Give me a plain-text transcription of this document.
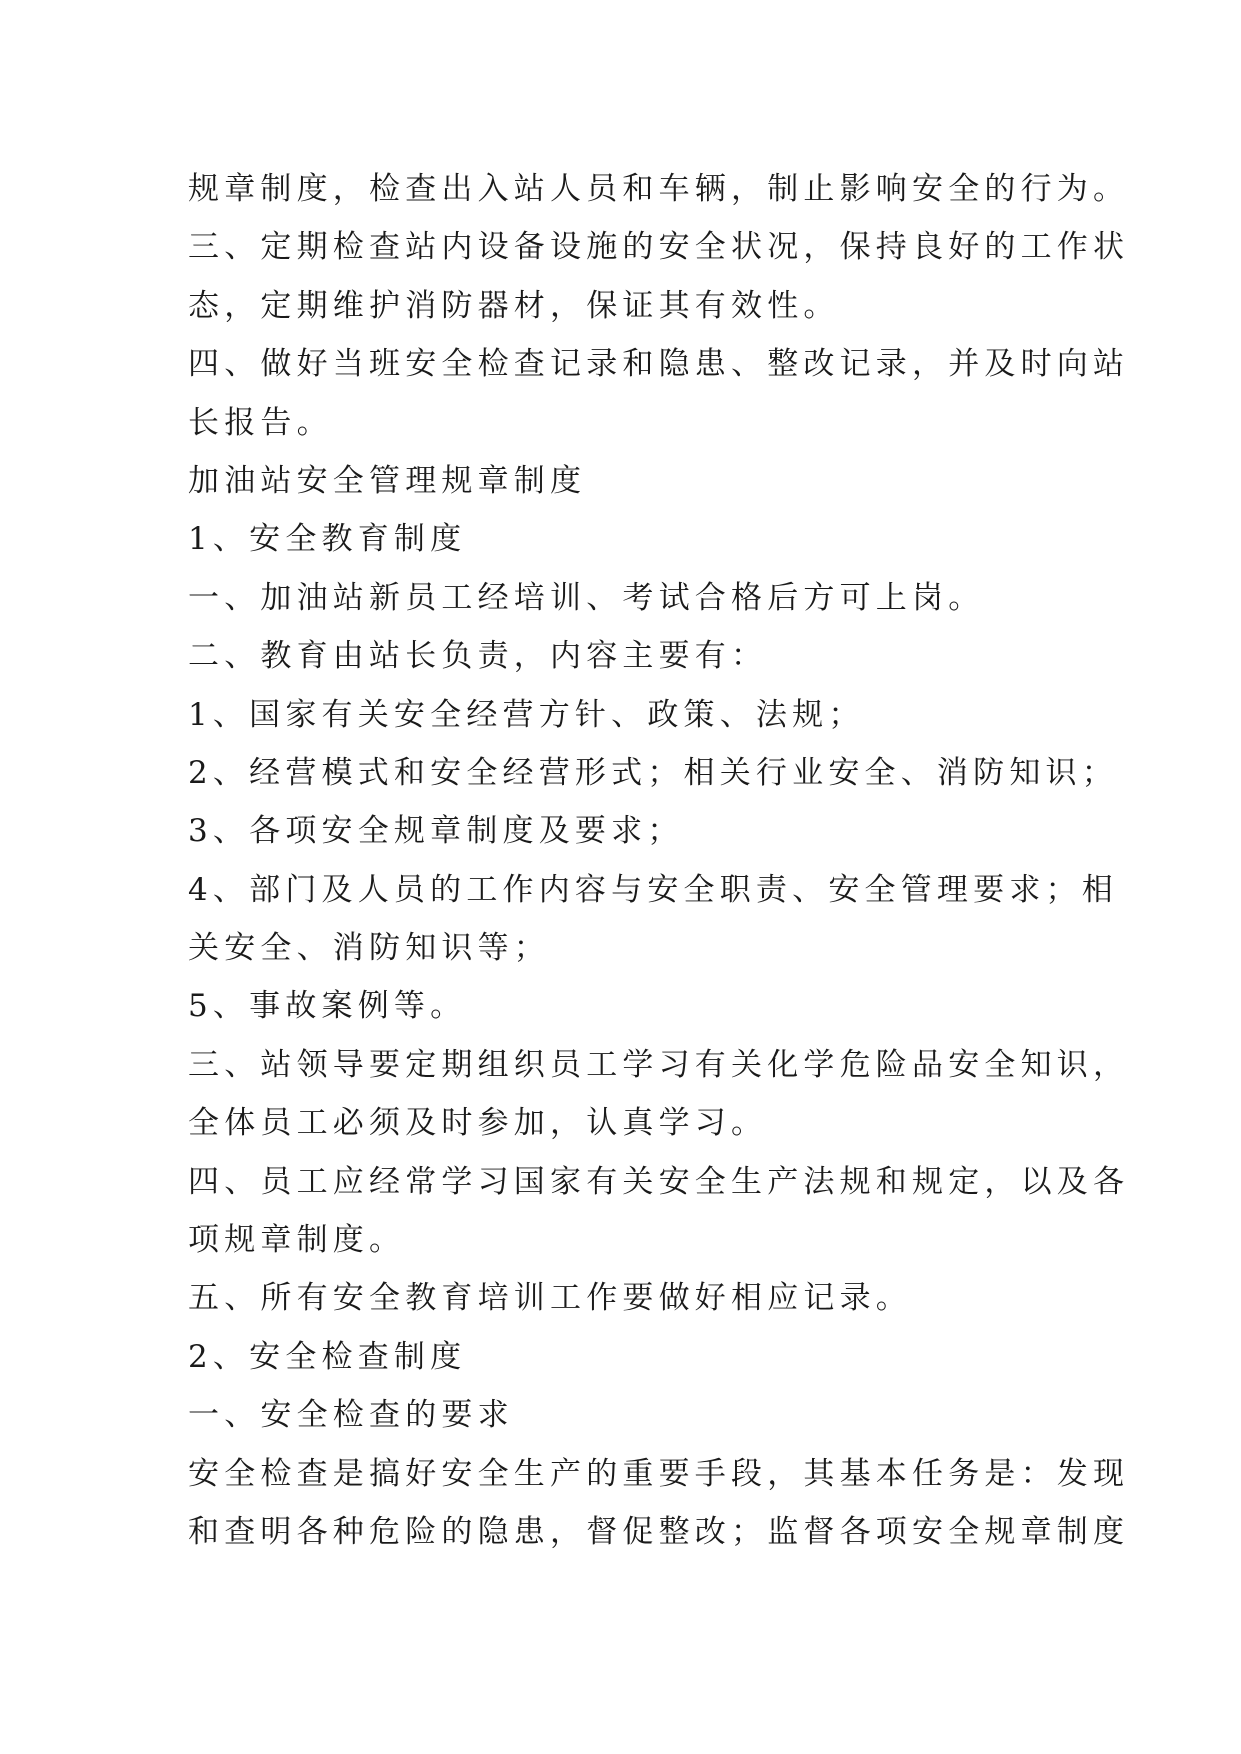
规章制度，检查出入站人员和车辆，制止影响安全的行为。
三、定期检查站内设备设施的安全状况，保持良好的工作状
态，定期维护消防器材，保证其有效性。
四、做好当班安全检查记录和隐患、整改记录，并及时向站
长报告。
加油站安全管理规章制度
1、安全教育制度
一、加油站新员工经培训、考试合格后方可上岗。
二、教育由站长负责，内容主要有：
1、国家有关安全经营方针、政策、法规；
2、经营模式和安全经营形式；相关行业安全、消防知识；
3、各项安全规章制度及要求；
4、部门及人员的工作内容与安全职责、安全管理要求；相
关安全、消防知识等；
5、事故案例等。
三、站领导要定期组织员工学习有关化学危险品安全知识，
全体员工必须及时参加，认真学习。
四、员工应经常学习国家有关安全生产法规和规定，以及各
项规章制度。
五、所有安全教育培训工作要做好相应记录。
2、安全检查制度
一、安全检查的要求
安全检查是搞好安全生产的重要手段，其基本任务是：发现
和查明各种危险的隐患，督促整改；监督各项安全规章制度
